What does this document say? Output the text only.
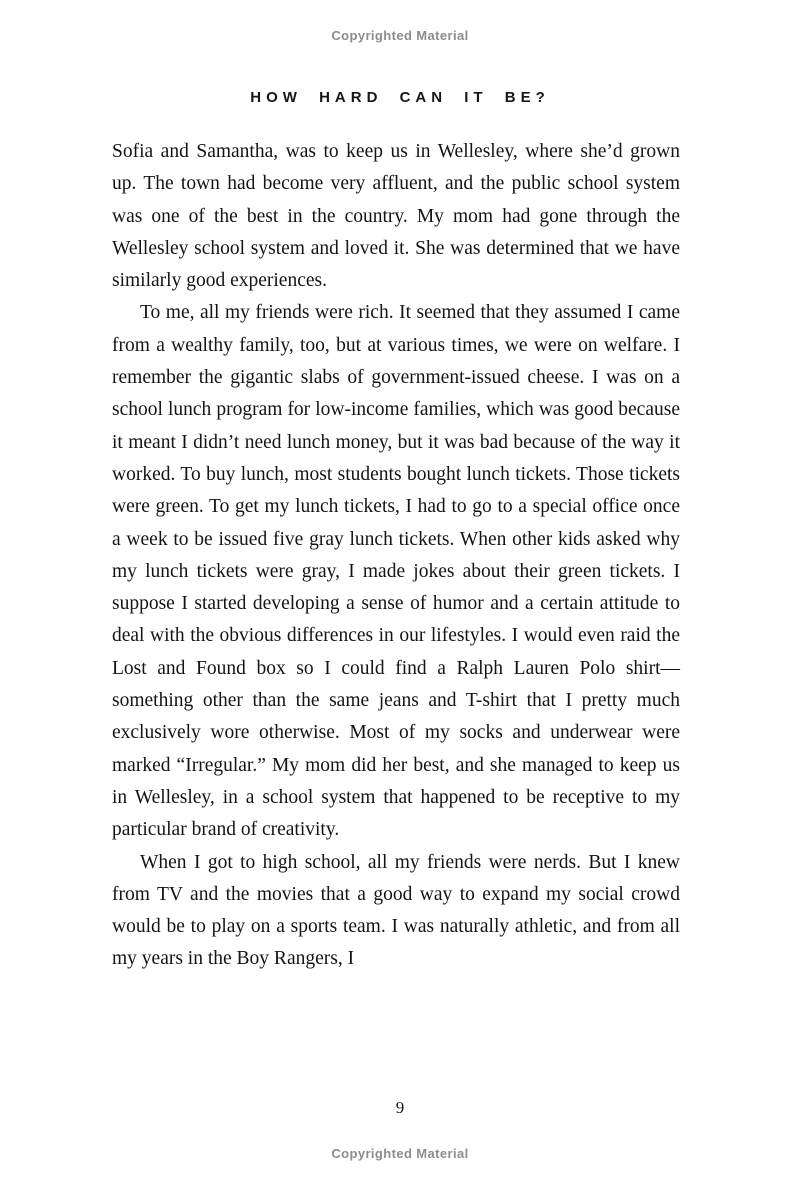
Copyrighted Material
HOW HARD CAN IT BE?

Sofia and Samantha, was to keep us in Wellesley, where she’d grown up. The town had become very affluent, and the public school system was one of the best in the country. My mom had gone through the Wellesley school system and loved it. She was determined that we have similarly good experiences.

To me, all my friends were rich. It seemed that they assumed I came from a wealthy family, too, but at various times, we were on welfare. I remember the gigantic slabs of government-issued cheese. I was on a school lunch program for low-income families, which was good because it meant I didn’t need lunch money, but it was bad because of the way it worked. To buy lunch, most students bought lunch tickets. Those tickets were green. To get my lunch tickets, I had to go to a special office once a week to be issued five gray lunch tickets. When other kids asked why my lunch tickets were gray, I made jokes about their green tickets. I suppose I started developing a sense of humor and a certain attitude to deal with the obvious differences in our lifestyles. I would even raid the Lost and Found box so I could find a Ralph Lauren Polo shirt—something other than the same jeans and T-shirt that I pretty much exclusively wore otherwise. Most of my socks and underwear were marked “Irregular.” My mom did her best, and she managed to keep us in Wellesley, in a school system that happened to be receptive to my particular brand of creativity.

When I got to high school, all my friends were nerds. But I knew from TV and the movies that a good way to expand my social crowd would be to play on a sports team. I was naturally athletic, and from all my years in the Boy Rangers, I

9
Copyrighted Material
